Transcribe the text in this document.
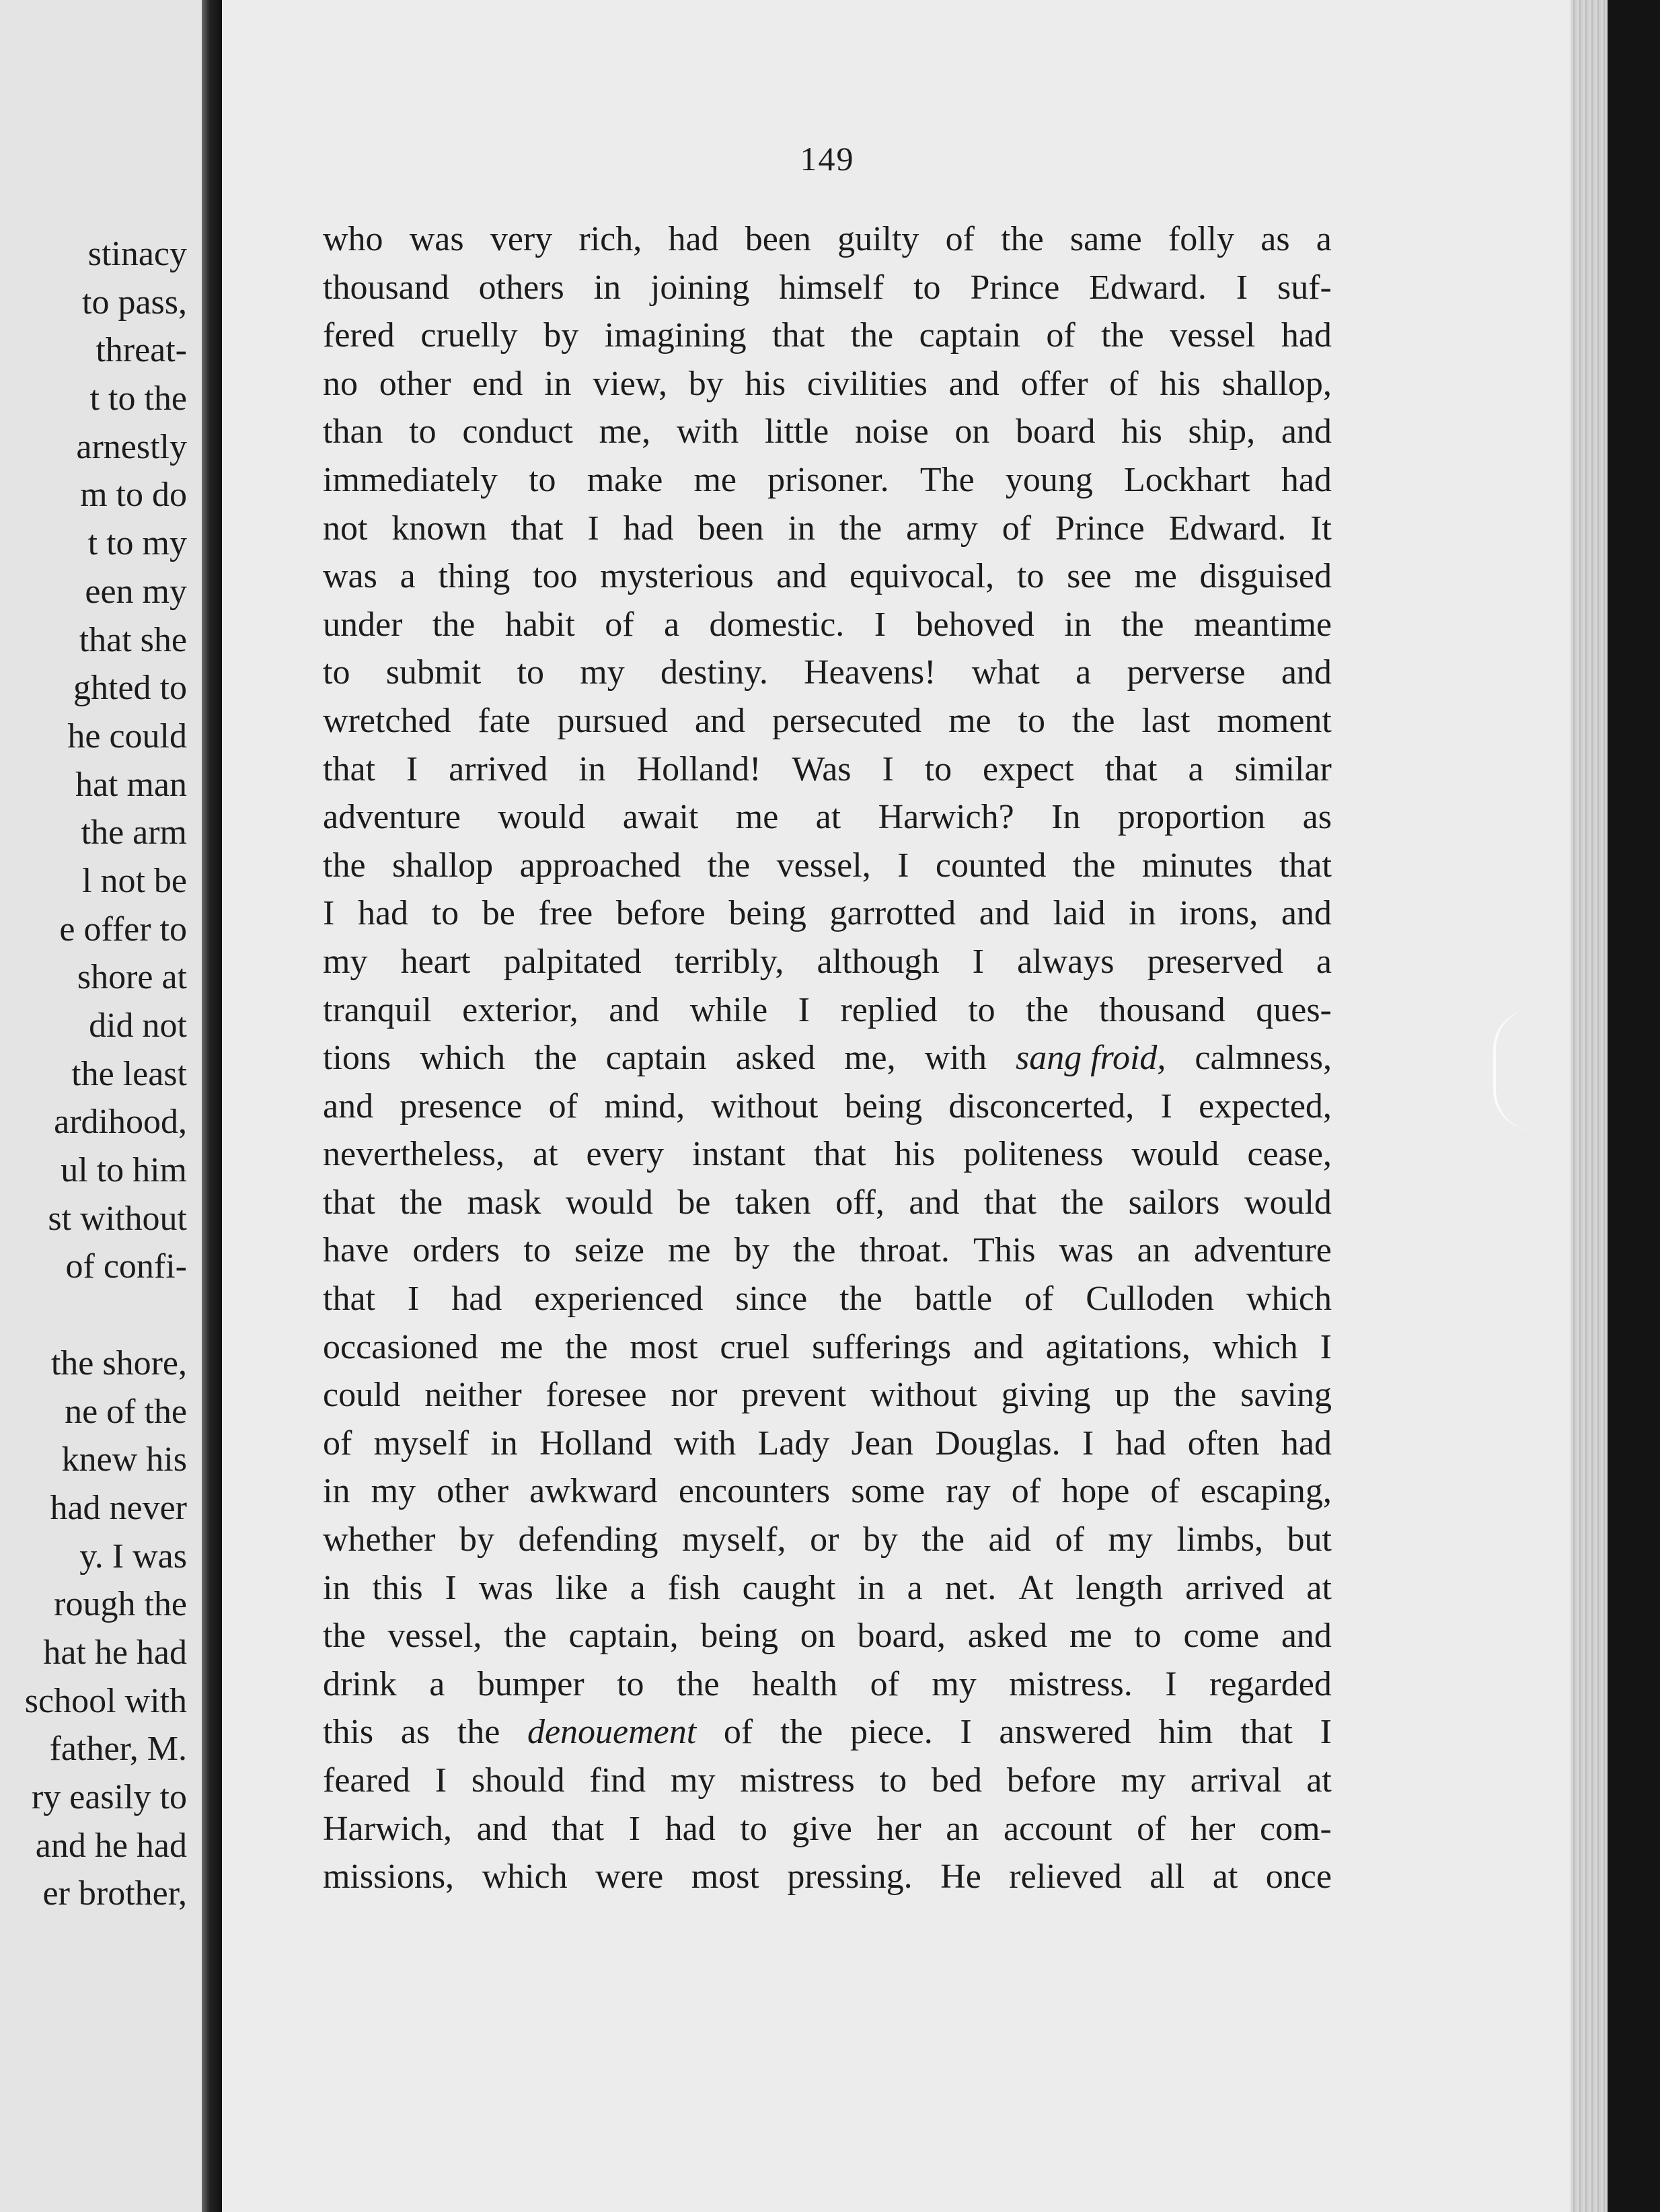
stinacy
to pass,
threat-
t to the
arnestly
m to do
t to my
een my
that she
ghted to
he could
hat man
the arm
l not be
e offer to
shore at
did not
the least
ardihood,
ul to him
st without
of confi-
the shore,
ne of the
knew his
had never
y. I was
rough the
hat he had
school with
father, M.
ry easily to
and he had
er brother,
149
who was very rich, had been guilty of the same folly as a
thousand others in joining himself to Prince Edward. I suf-
fered cruelly by imagining that the captain of the vessel had
no other end in view, by his civilities and offer of his shallop,
than to conduct me, with little noise on board his ship, and
immediately to make me prisoner. The young Lockhart had
not known that I had been in the army of Prince Edward. It
was a thing too mysterious and equivocal, to see me disguised
under the habit of a domestic. I behoved in the meantime
to submit to my destiny. Heavens! what a perverse and
wretched fate pursued and persecuted me to the last moment
that I arrived in Holland! Was I to expect that a similar
adventure would await me at Harwich? In proportion as
the shallop approached the vessel, I counted the minutes that
I had to be free before being garrotted and laid in irons, and
my heart palpitated terribly, although I always preserved a
tranquil exterior, and while I replied to the thousand ques-
tions which the captain asked me, with sang froid, calmness,
and presence of mind, without being disconcerted, I expected,
nevertheless, at every instant that his politeness would cease,
that the mask would be taken off, and that the sailors would
have orders to seize me by the throat. This was an adventure
that I had experienced since the battle of Culloden which
occasioned me the most cruel sufferings and agitations, which I
could neither foresee nor prevent without giving up the saving
of myself in Holland with Lady Jean Douglas. I had often had
in my other awkward encounters some ray of hope of escaping,
whether by defending myself, or by the aid of my limbs, but
in this I was like a fish caught in a net. At length arrived at
the vessel, the captain, being on board, asked me to come and
drink a bumper to the health of my mistress. I regarded
this as the denouement of the piece. I answered him that I
feared I should find my mistress to bed before my arrival at
Harwich, and that I had to give her an account of her com-
missions, which were most pressing. He relieved all at once
